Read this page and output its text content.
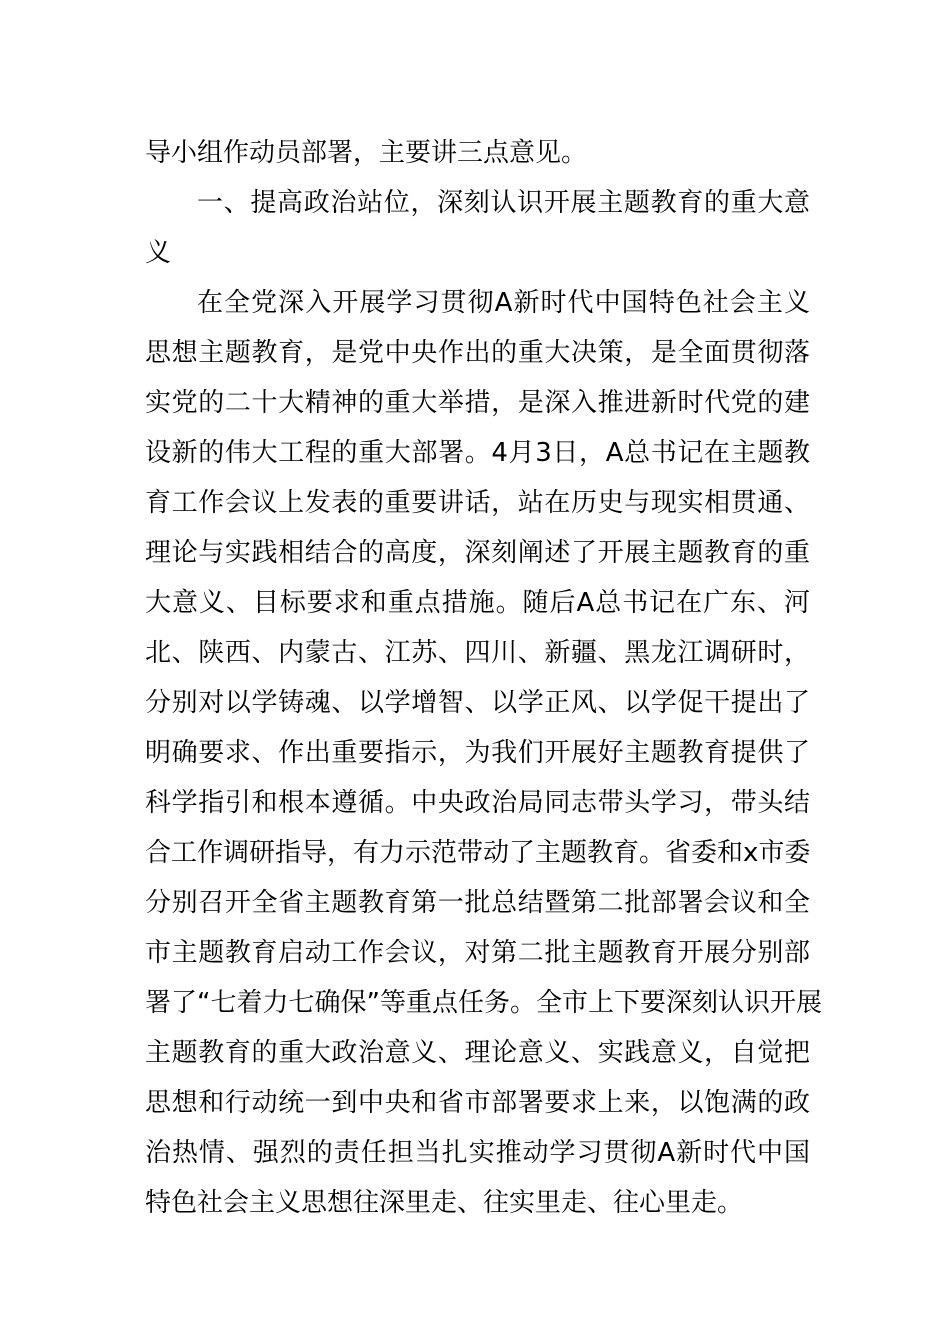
导小组作动员部署，主要讲三点意见。
一、提高政治站位，深刻认识开展主题教育的重大意
义
在全党深入开展学习贯彻A新时代中国特色社会主义
思想主题教育，是党中央作出的重大决策，是全面贯彻落
实党的二十大精神的重大举措，是深入推进新时代党的建
设新的伟大工程的重大部署。4月3日，A总书记在主题教
育工作会议上发表的重要讲话，站在历史与现实相贯通、
理论与实践相结合的高度，深刻阐述了开展主题教育的重
大意义、目标要求和重点措施。随后A总书记在广东、河
北、陕西、内蒙古、江苏、四川、新疆、黑龙江调研时，
分别对以学铸魂、以学增智、以学正风、以学促干提出了
明确要求、作出重要指示，为我们开展好主题教育提供了
科学指引和根本遵循。中央政治局同志带头学习，带头结
合工作调研指导，有力示范带动了主题教育。省委和x市委
分别召开全省主题教育第一批总结暨第二批部署会议和全
市主题教育启动工作会议，对第二批主题教育开展分别部
署了“七着力七确保”等重点任务。全市上下要深刻认识开展
主题教育的重大政治意义、理论意义、实践意义，自觉把
思想和行动统一到中央和省市部署要求上来，以饱满的政
治热情、强烈的责任担当扎实推动学习贯彻A新时代中国
特色社会主义思想往深里走、往实里走、往心里走。
